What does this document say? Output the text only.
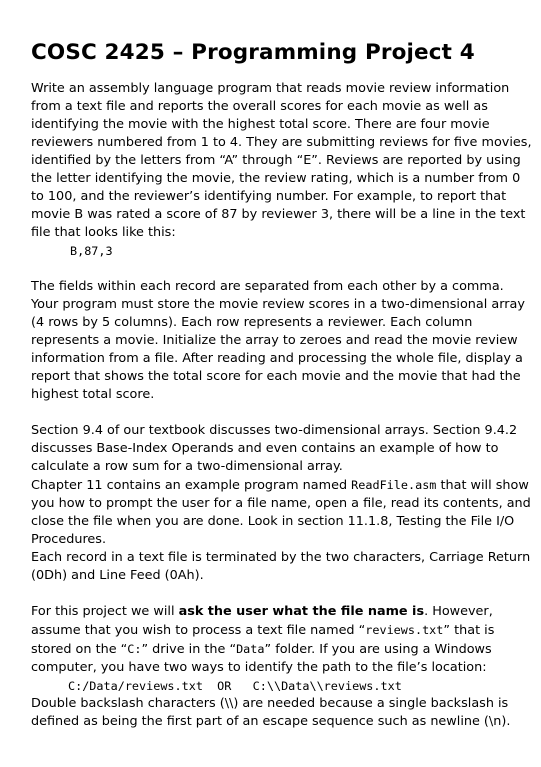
COSC 2425 – Programming Project 4

Write an assembly language program that reads movie review information from a text file and reports the overall scores for each movie as well as identifying the movie with the highest total score. There are four movie reviewers numbered from 1 to 4. They are submitting reviews for five movies, identified by the letters from “A” through “E”. Reviews are reported by using the letter identifying the movie, the review rating, which is a number from 0 to 100, and the reviewer’s identifying number. For example, to report that movie B was rated a score of 87 by reviewer 3, there will be a line in the text file that looks like this:

B,87,3

The fields within each record are separated from each other by a comma. Your program must store the movie review scores in a two-dimensional array (4 rows by 5 columns). Each row represents a reviewer. Each column represents a movie. Initialize the array to zeroes and read the movie review information from a file. After reading and processing the whole file, display a report that shows the total score for each movie and the movie that had the highest total score.

Section 9.4 of our textbook discusses two-dimensional arrays. Section 9.4.2 discusses Base-Index Operands and even contains an example of how to calculate a row sum for a two-dimensional array.

Chapter 11 contains an example program named ReadFile.asm that will show you how to prompt the user for a file name, open a file, read its contents, and close the file when you are done. Look in section 11.1.8, Testing the File I/O Procedures.

Each record in a text file is terminated by the two characters, Carriage Return (0Dh) and Line Feed (0Ah).

For this project we will ask the user what the file name is. However, assume that you wish to process a text file named “reviews.txt” that is stored on the “C:” drive in the “Data” folder. If you are using a Windows computer, you have two ways to identify the path to the file’s location:

C:/Data/reviews.txt  OR   C:\\Data\\reviews.txt

Double backslash characters (\\) are needed because a single backslash is defined as being the first part of an escape sequence such as newline (\n).
